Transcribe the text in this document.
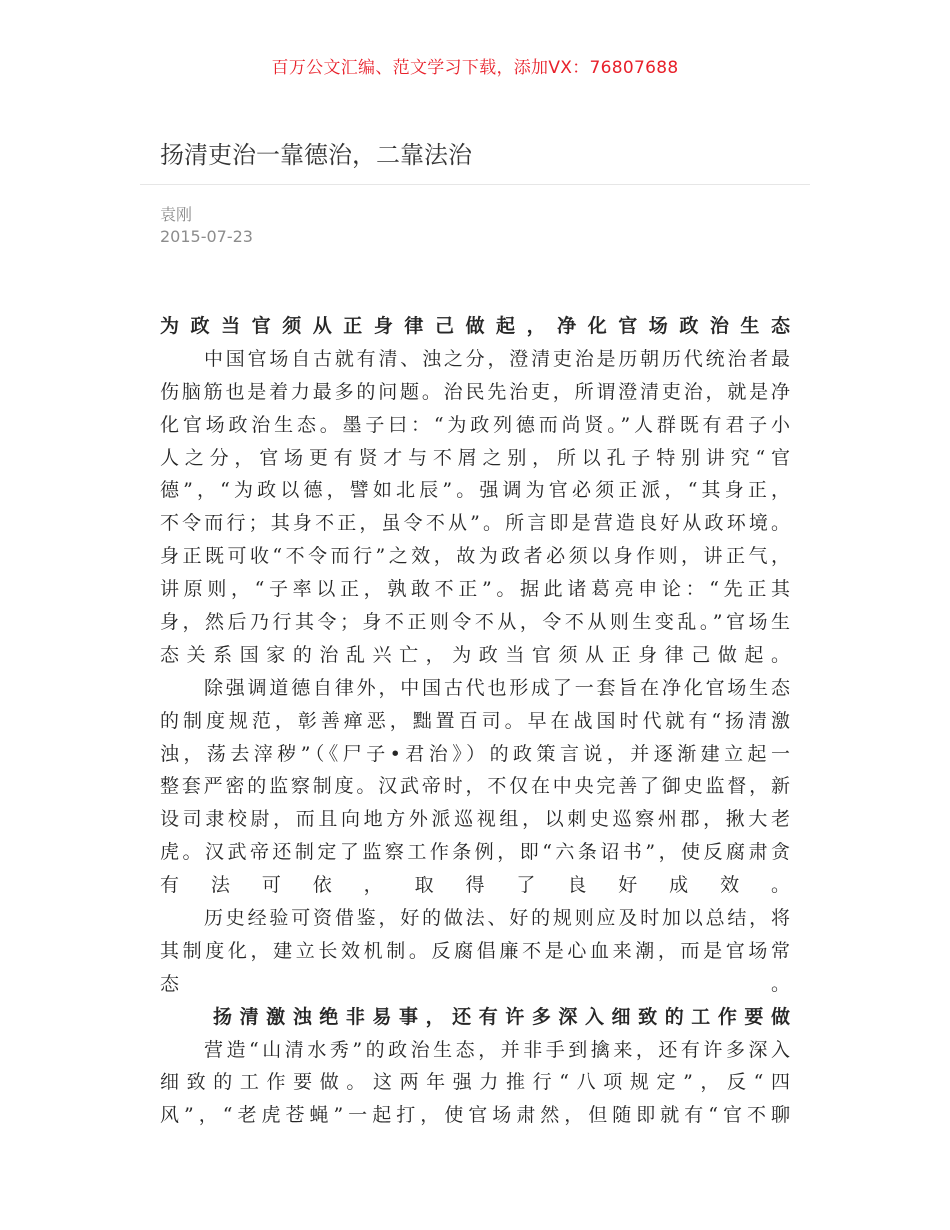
百万公文汇编、范文学习下载，添加VX：76807688
扬清吏治一靠德治，二靠法治
袁刚
2015-07-23
为政当官须从正身律己做起，净化官场政治生态
中国官场自古就有清、浊之分，澄清吏治是历朝历代统治者最
伤脑筋也是着力最多的问题。治民先治吏，所谓澄清吏治，就是净
化官场政治生态。墨子曰：“为政列德而尚贤。”人群既有君子小
人之分，官场更有贤才与不屑之别，所以孔子特别讲究“官
德”，“为政以德，譬如北辰”。强调为官必须正派，“其身正，
不令而行；其身不正，虽令不从”。所言即是营造良好从政环境。
身正既可收“不令而行”之效，故为政者必须以身作则，讲正气，
讲原则，“子率以正，孰敢不正”。据此诸葛亮申论：“先正其
身，然后乃行其令；身不正则令不从，令不从则生变乱。”官场生
态关系国家的治乱兴亡，为政当官须从正身律己做起。
除强调道德自律外，中国古代也形成了一套旨在净化官场生态
的制度规范，彰善瘅恶，黜置百司。早在战国时代就有“扬清激
浊，荡去滓秽”（《尸子•君治》）的政策言说，并逐渐建立起一
整套严密的监察制度。汉武帝时，不仅在中央完善了御史监督，新
设司隶校尉，而且向地方外派巡视组，以刺史巡察州郡，揪大老
虎。汉武帝还制定了监察工作条例，即“六条诏书”，使反腐肃贪
有法可依，取得了良好成效。
历史经验可资借鉴，好的做法、好的规则应及时加以总结，将
其制度化，建立长效机制。反腐倡廉不是心血来潮，而是官场常
态。
扬清激浊绝非易事，还有许多深入细致的工作要做
营造“山清水秀”的政治生态，并非手到擒来，还有许多深入
细致的工作要做。这两年强力推行“八项规定”，反“四
风”，“老虎苍蝇”一起打，使官场肃然，但随即就有“官不聊
